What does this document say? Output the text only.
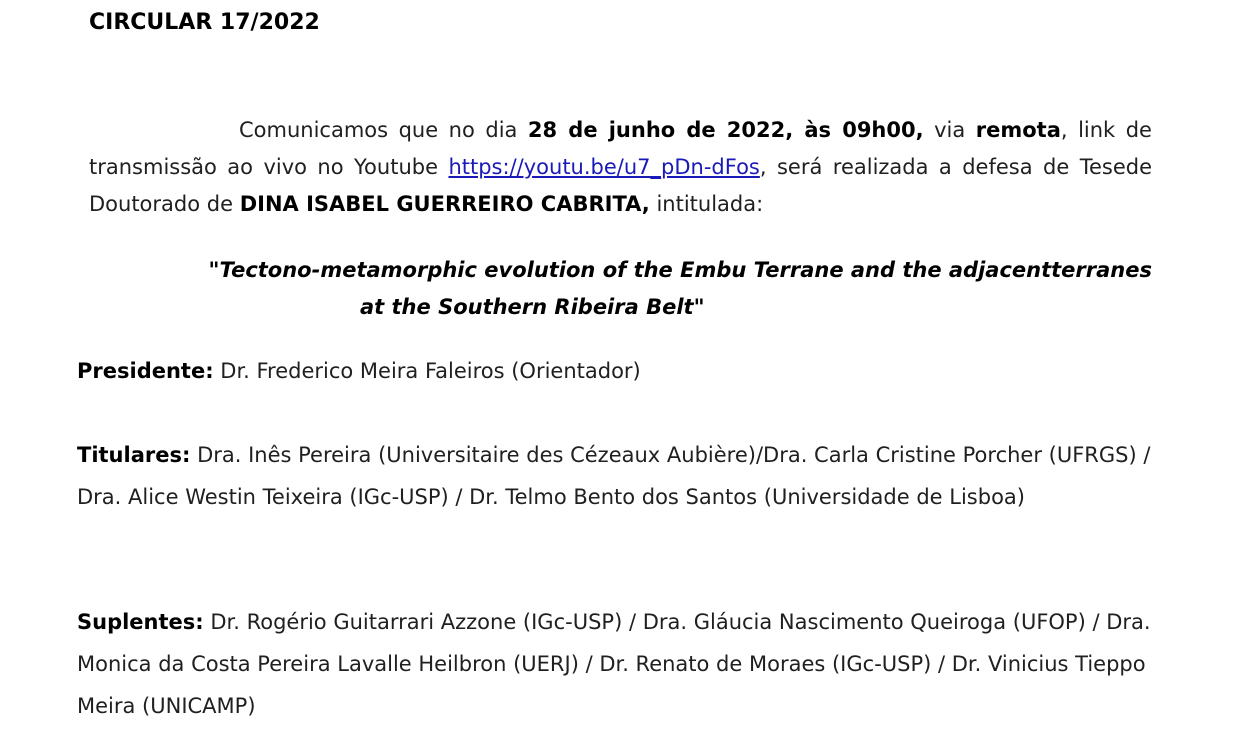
CIRCULAR 17/2022
Comunicamos que no dia 28 de junho de 2022, às 09h00, via remota, link de transmissão ao vivo no Youtube https://youtu.be/u7_pDn-dFos, será realizada a defesa de Tesede Doutorado de DINA ISABEL GUERREIRO CABRITA, intitulada:
"Tectono-metamorphic evolution of the Embu Terrane and the adjacentterranes
at the Southern Ribeira Belt"
Presidente: Dr. Frederico Meira Faleiros (Orientador)
Titulares: Dra. Inês Pereira (Universitaire des Cézeaux Aubière)/Dra. Carla Cristine Porcher (UFRGS) / Dra. Alice Westin Teixeira (IGc-USP) / Dr. Telmo Bento dos Santos (Universidade de Lisboa)
Suplentes: Dr. Rogério Guitarrari Azzone (IGc-USP) / Dra. Gláucia Nascimento Queiroga (UFOP) / Dra. Monica da Costa Pereira Lavalle Heilbron (UERJ) / Dr. Renato de Moraes (IGc-USP) / Dr. Vinicius Tieppo Meira (UNICAMP)
